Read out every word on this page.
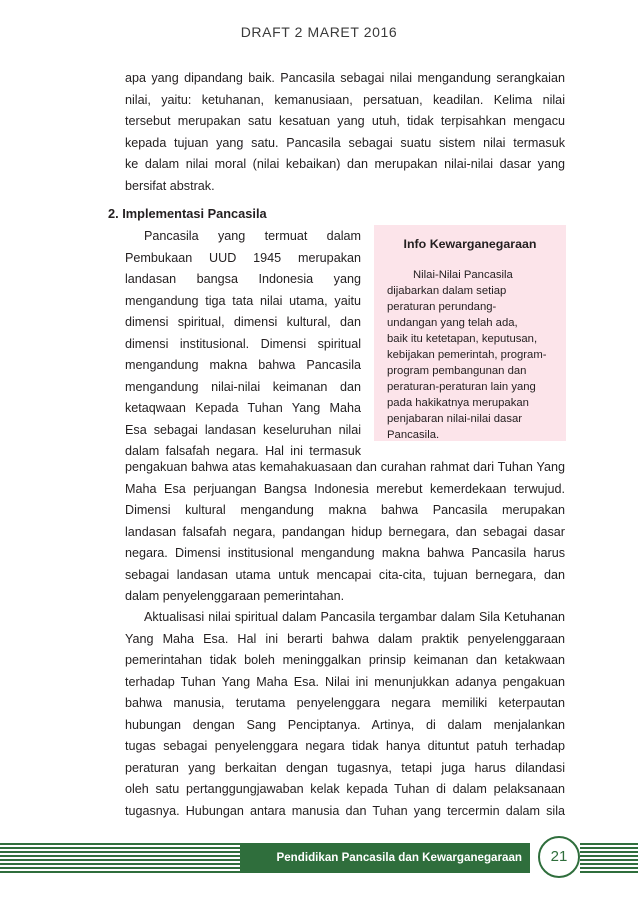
DRAFT 2 MARET 2016
apa yang dipandang baik. Pancasila sebagai nilai mengandung serangkaian
nilai, yaitu: ketuhanan, kemanusiaan, persatuan, keadilan. Kelima nilai
tersebut merupakan satu kesatuan yang utuh, tidak terpisahkan mengacu
kepada tujuan yang satu. Pancasila sebagai suatu sistem nilai termasuk
ke dalam nilai moral (nilai kebaikan) dan merupakan nilai-nilai dasar yang
bersifat abstrak.
2. Implementasi Pancasila
Pancasila yang termuat dalam
Pembukaan UUD 1945 merupakan
landasan bangsa Indonesia yang
mengandung tiga tata nilai utama, yaitu
dimensi spiritual, dimensi kultural, dan
dimensi institusional. Dimensi spiritual
mengandung makna bahwa Pancasila
mengandung nilai-nilai keimanan dan
ketaqwaan Kepada Tuhan Yang Maha
Esa sebagai landasan keseluruhan nilai
dalam falsafah negara. Hal ini termasuk
Info Kewarganegaraan
Nilai-Nilai Pancasila
dijabarkan dalam setiap
peraturan perundang-
undangan yang telah ada,
baik itu ketetapan, keputusan,
kebijakan pemerintah, program-
program pembangunan dan
peraturan-peraturan lain yang
pada hakikatnya merupakan
penjabaran nilai-nilai dasar
Pancasila.
pengakuan bahwa atas kemahakuasaan dan curahan rahmat dari Tuhan Yang
Maha Esa perjuangan Bangsa Indonesia merebut kemerdekaan terwujud.
Dimensi kultural mengandung makna bahwa Pancasila merupakan
landasan falsafah negara, pandangan hidup bernegara, dan sebagai dasar
negara. Dimensi institusional mengandung makna bahwa Pancasila harus
sebagai landasan utama untuk mencapai cita-cita, tujuan bernegara, dan
dalam penyelenggaraan pemerintahan.
Aktualisasi nilai spiritual dalam Pancasila tergambar dalam Sila Ketuhanan
Yang Maha Esa. Hal ini berarti bahwa dalam praktik penyelenggaraan
pemerintahan tidak boleh meninggalkan prinsip keimanan dan ketakwaan
terhadap Tuhan Yang Maha Esa. Nilai ini menunjukkan adanya pengakuan
bahwa manusia, terutama penyelenggara negara memiliki keterpautan
hubungan dengan Sang Penciptanya. Artinya, di dalam menjalankan
tugas sebagai penyelenggara negara tidak hanya dituntut patuh terhadap
peraturan yang berkaitan dengan tugasnya, tetapi juga harus dilandasi
oleh satu pertanggungjawaban kelak kepada Tuhan di dalam pelaksanaan
tugasnya. Hubungan antara manusia dan Tuhan yang tercermin dalam sila
Pendidikan Pancasila dan Kewarganegaraan	21
